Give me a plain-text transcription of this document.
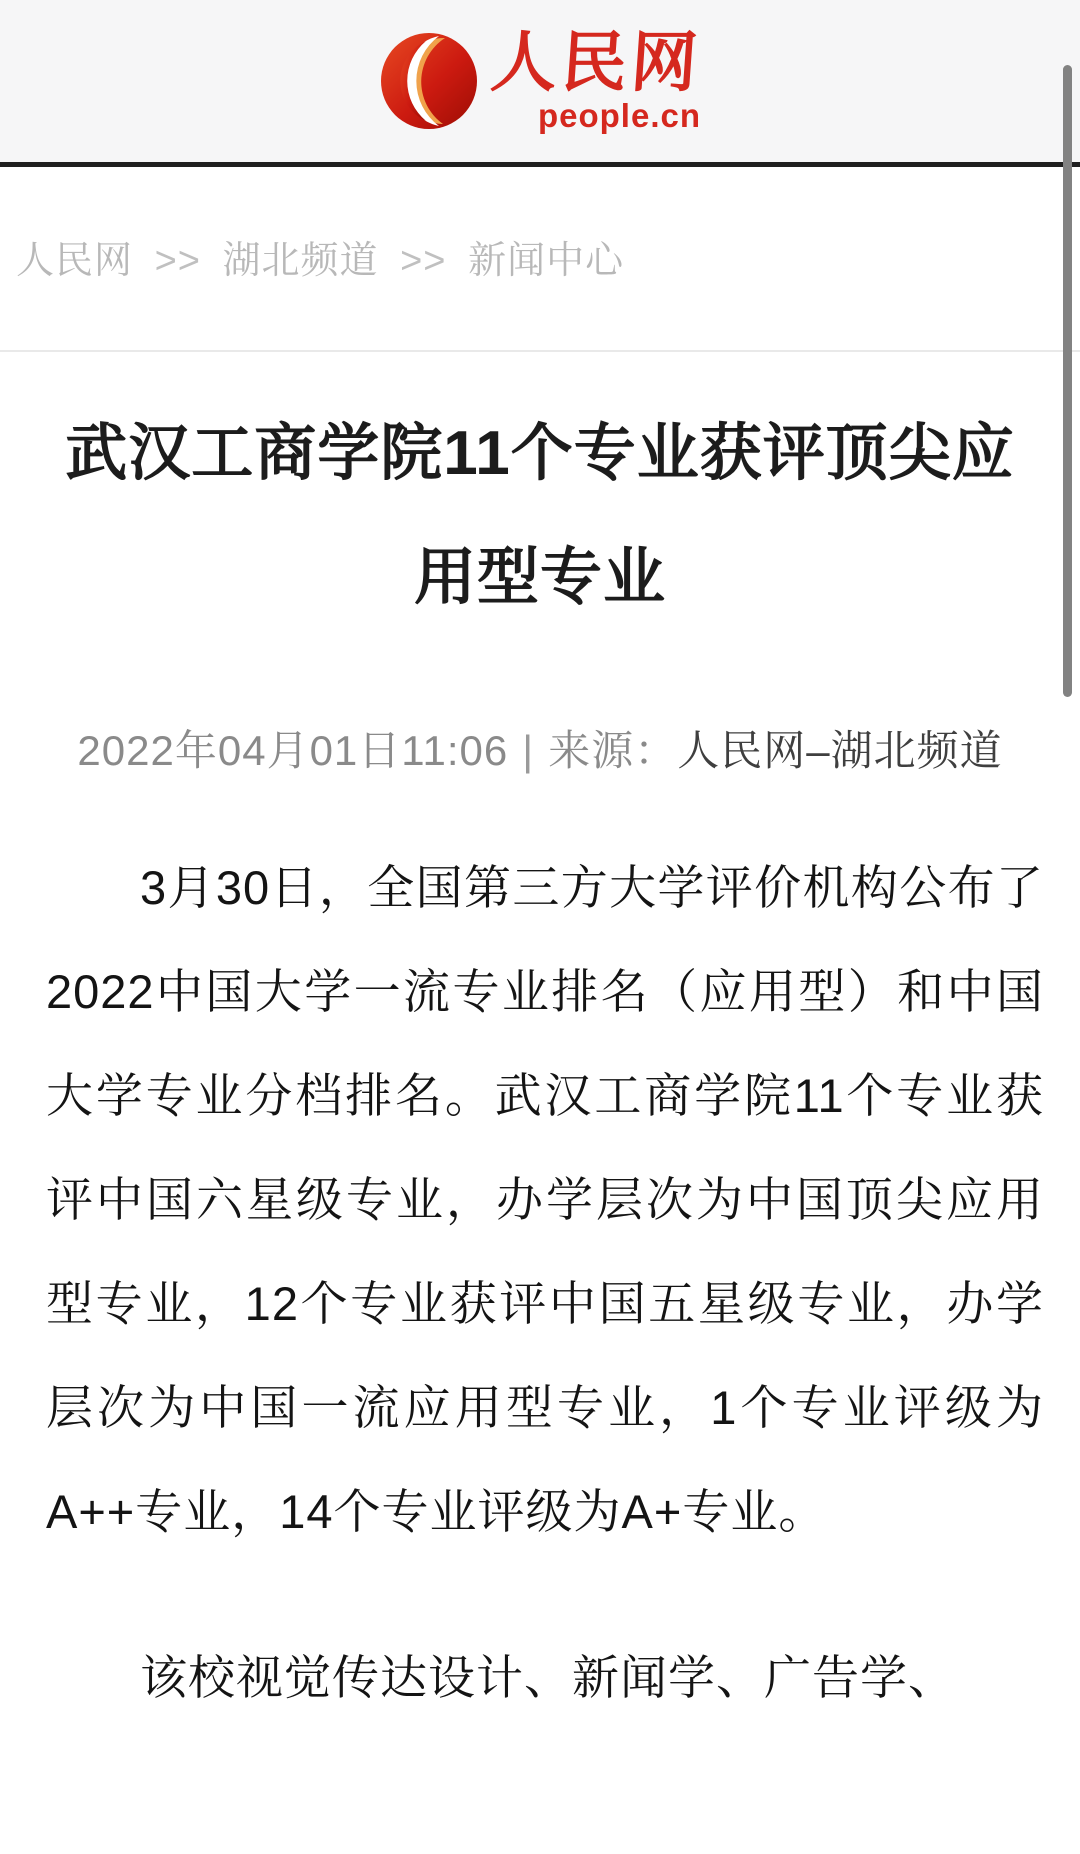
人民网
people.cn
人民网 >> 湖北频道 >> 新闻中心
武汉工商学院11个专业获评顶尖应用型专业
2022年04月01日11:06 | 来源：人民网–湖北频道

3月30日，全国第三方大学评价机构公布了2022中国大学一流专业排名（应用型）和中国大学专业分档排名。武汉工商学院11个专业获评中国六星级专业，办学层次为中国顶尖应用型专业，12个专业获评中国五星级专业，办学层次为中国一流应用型专业，1个专业评级为A++专业，14个专业评级为A+专业。

该校视觉传达设计、新闻学、广告学、
